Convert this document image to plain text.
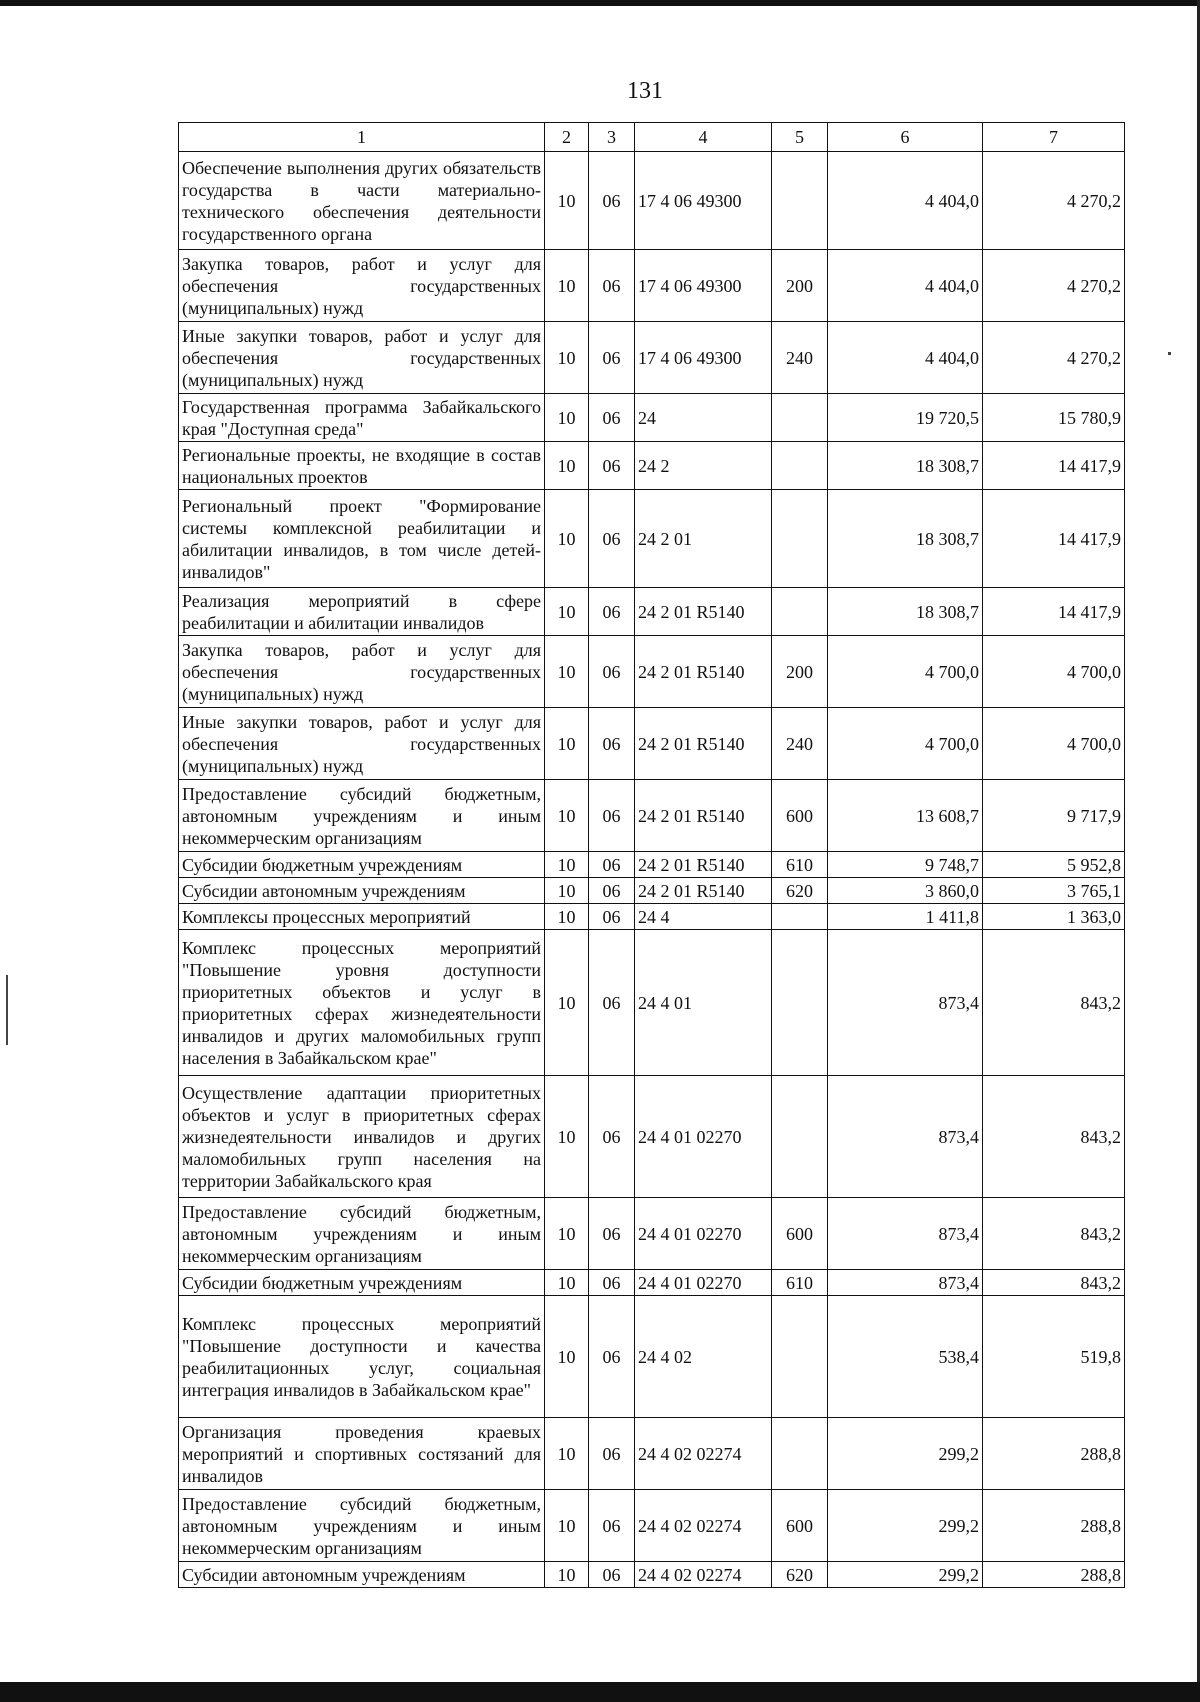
131
1	2	3	4	5	6	7
Обеспечение выполнения других обязательств государства в части материально-технического обеспечения деятельности государственного органа	10	06	17 4 06 49300		4 404,0	4 270,2
Закупка товаров, работ и услуг для обеспечения государственных (муниципальных) нужд	10	06	17 4 06 49300	200	4 404,0	4 270,2
Иные закупки товаров, работ и услуг для обеспечения государственных (муниципальных) нужд	10	06	17 4 06 49300	240	4 404,0	4 270,2
Государственная программа Забайкальского края "Доступная среда"	10	06	24		19 720,5	15 780,9
Региональные проекты, не входящие в состав национальных проектов	10	06	24 2		18 308,7	14 417,9
Региональный проект "Формирование системы комплексной реабилитации и абилитации инвалидов, в том числе детей-инвалидов"	10	06	24 2 01		18 308,7	14 417,9
Реализация мероприятий в сфере реабилитации и абилитации инвалидов	10	06	24 2 01 R5140		18 308,7	14 417,9
Закупка товаров, работ и услуг для обеспечения государственных (муниципальных) нужд	10	06	24 2 01 R5140	200	4 700,0	4 700,0
Иные закупки товаров, работ и услуг для обеспечения государственных (муниципальных) нужд	10	06	24 2 01 R5140	240	4 700,0	4 700,0
Предоставление субсидий бюджетным, автономным учреждениям и иным некоммерческим организациям	10	06	24 2 01 R5140	600	13 608,7	9 717,9
Субсидии бюджетным учреждениям	10	06	24 2 01 R5140	610	9 748,7	5 952,8
Субсидии автономным учреждениям	10	06	24 2 01 R5140	620	3 860,0	3 765,1
Комплексы процессных мероприятий	10	06	24 4		1 411,8	1 363,0
Комплекс процессных мероприятий "Повышение уровня доступности приоритетных объектов и услуг в приоритетных сферах жизнедеятельности инвалидов и других маломобильных групп населения в Забайкальском крае"	10	06	24 4 01		873,4	843,2
Осуществление адаптации приоритетных объектов и услуг в приоритетных сферах жизнедеятельности инвалидов и других маломобильных групп населения на территории Забайкальского края	10	06	24 4 01 02270		873,4	843,2
Предоставление субсидий бюджетным, автономным учреждениям и иным некоммерческим организациям	10	06	24 4 01 02270	600	873,4	843,2
Субсидии бюджетным учреждениям	10	06	24 4 01 02270	610	873,4	843,2
Комплекс процессных мероприятий "Повышение доступности и качества реабилитационных услуг, социальная интеграция инвалидов в Забайкальском крае"	10	06	24 4 02		538,4	519,8
Организация проведения краевых мероприятий и спортивных состязаний для инвалидов	10	06	24 4 02 02274		299,2	288,8
Предоставление субсидий бюджетным, автономным учреждениям и иным некоммерческим организациям	10	06	24 4 02 02274	600	299,2	288,8
Субсидии автономным учреждениям	10	06	24 4 02 02274	620	299,2	288,8
